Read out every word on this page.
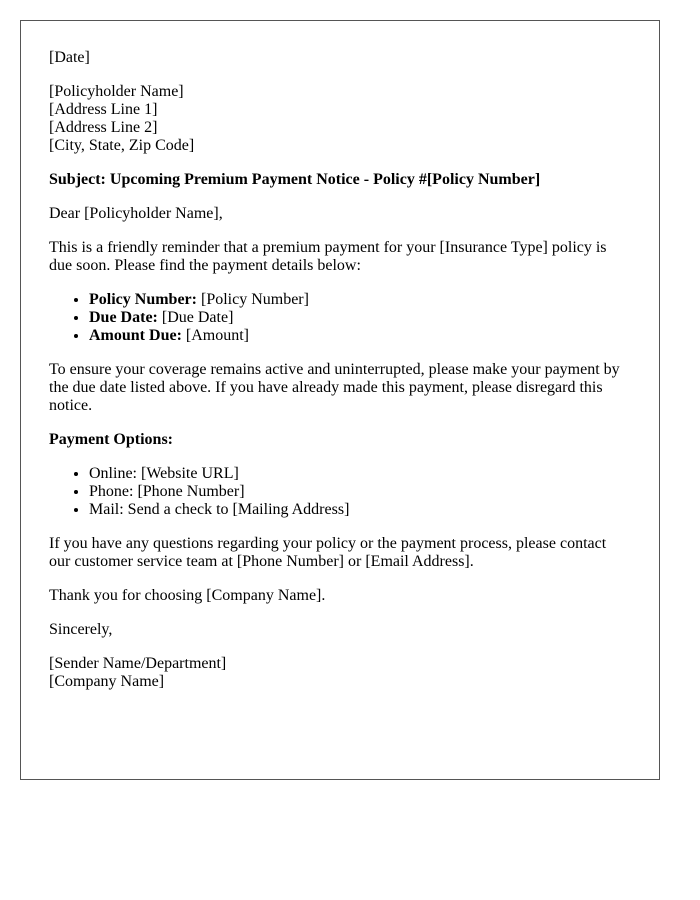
[Date]

[Policyholder Name]
[Address Line 1]
[Address Line 2]
[City, State, Zip Code]

Subject: Upcoming Premium Payment Notice - Policy #[Policy Number]

Dear [Policyholder Name],

This is a friendly reminder that a premium payment for your [Insurance Type] policy is due soon. Please find the payment details below:

• Policy Number: [Policy Number]
• Due Date: [Due Date]
• Amount Due: [Amount]

To ensure your coverage remains active and uninterrupted, please make your payment by the due date listed above. If you have already made this payment, please disregard this notice.

Payment Options:

• Online: [Website URL]
• Phone: [Phone Number]
• Mail: Send a check to [Mailing Address]

If you have any questions regarding your policy or the payment process, please contact our customer service team at [Phone Number] or [Email Address].

Thank you for choosing [Company Name].

Sincerely,

[Sender Name/Department]
[Company Name]
